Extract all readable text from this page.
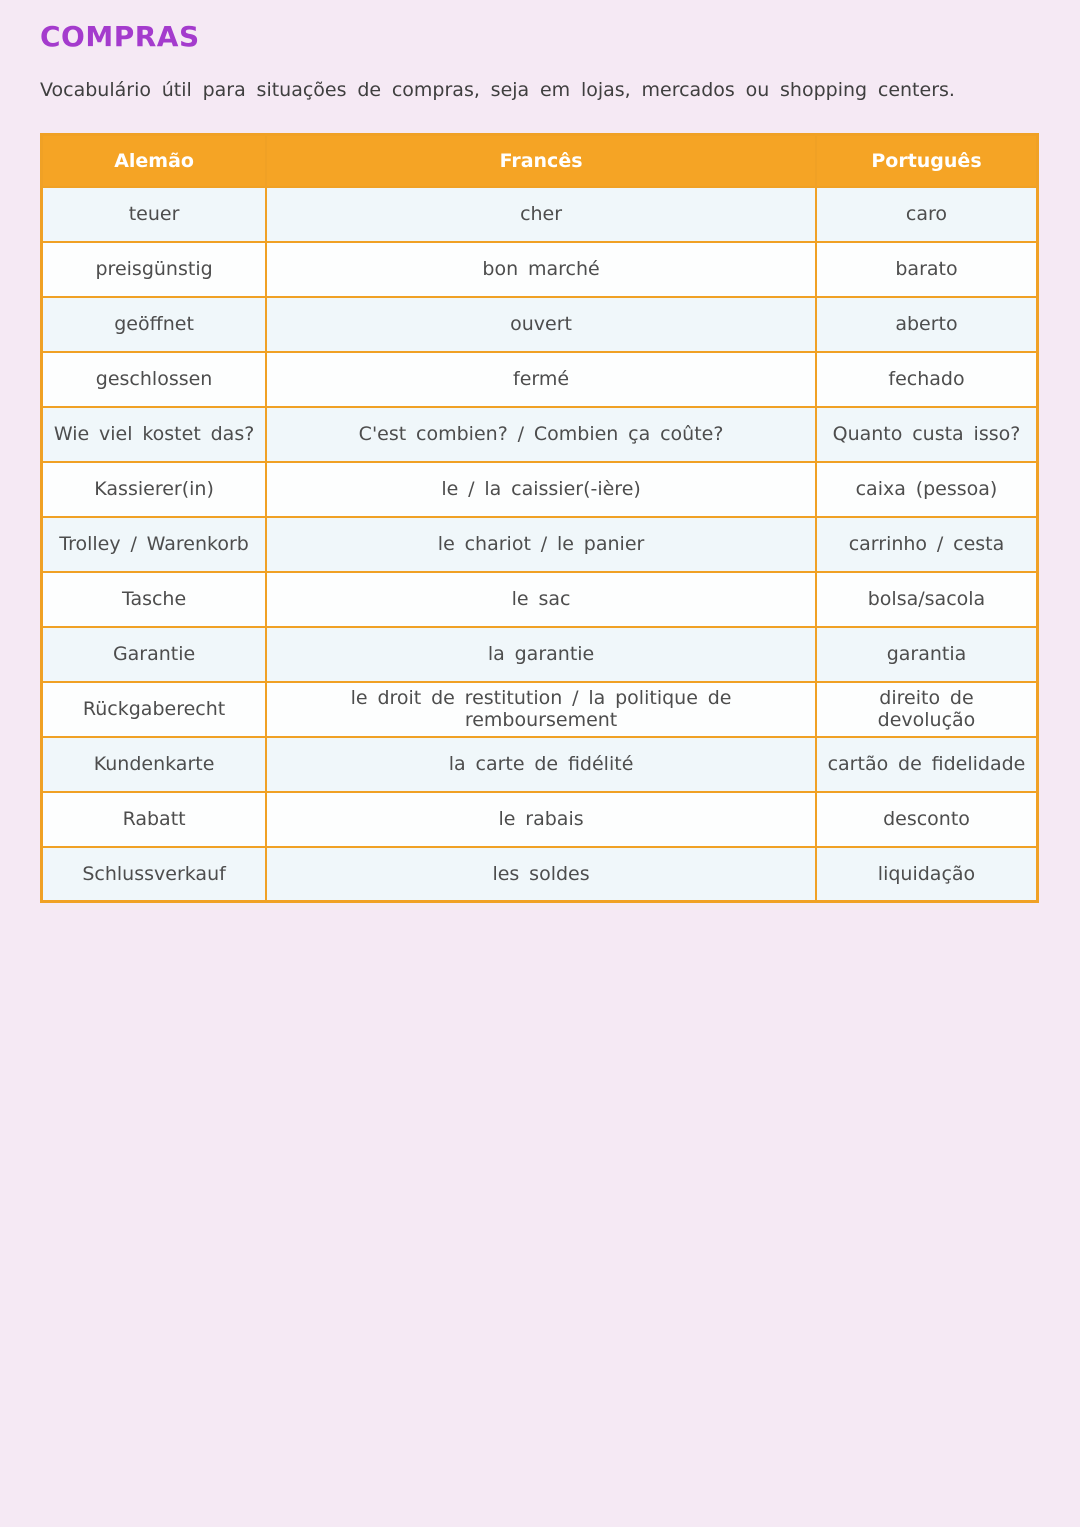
COMPRAS

Vocabulário útil para situações de compras, seja em lojas, mercados ou shopping centers.

Alemão	Francês	Português
teuer	cher	caro
preisgünstig	bon marché	barato
geöffnet	ouvert	aberto
geschlossen	fermé	fechado
Wie viel kostet das?	C'est combien? / Combien ça coûte?	Quanto custa isso?
Kassierer(in)	le / la caissier(-ière)	caixa (pessoa)
Trolley / Warenkorb	le chariot / le panier	carrinho / cesta
Tasche	le sac	bolsa/sacola
Garantie	la garantie	garantia
Rückgaberecht	le droit de restitution / la politique de remboursement	direito de devolução
Kundenkarte	la carte de fidélité	cartão de fidelidade
Rabatt	le rabais	desconto
Schlussverkauf	les soldes	liquidação
